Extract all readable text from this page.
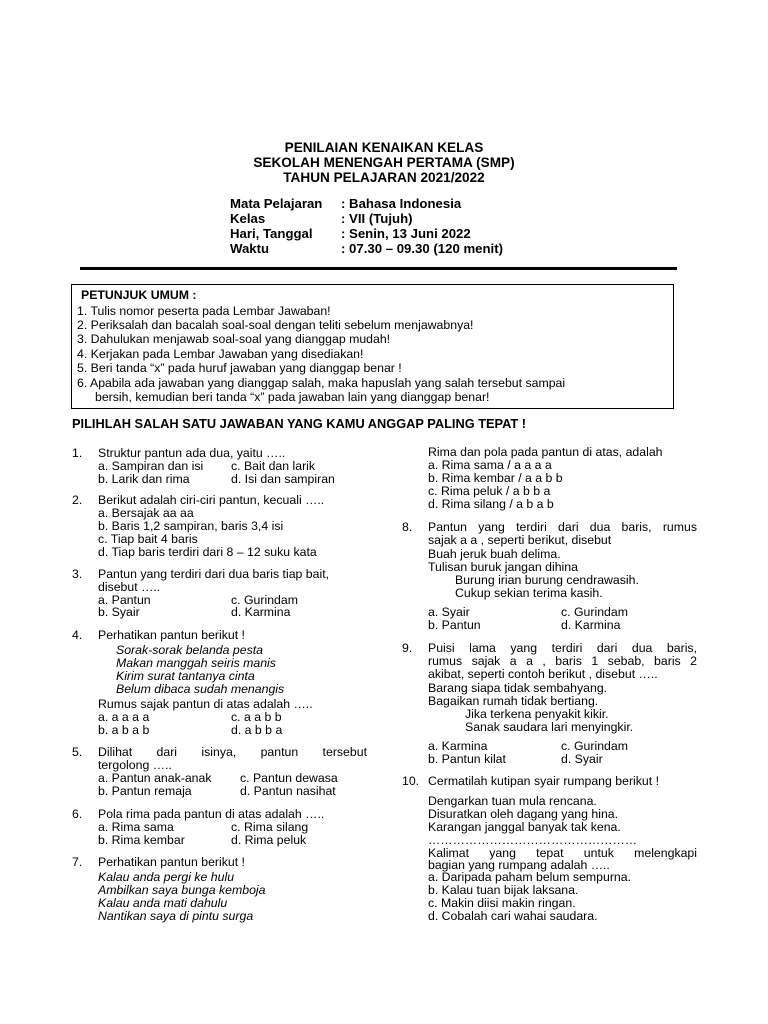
PENILAIAN KENAIKAN KELAS
SEKOLAH MENENGAH PERTAMA (SMP)
TAHUN PELAJARAN 2021/2022
Mata Pelajaran : Bahasa Indonesia
Kelas	: VII (Tujuh)
Hari, Tanggal : Senin, 13 Juni 2022
Waktu	: 07.30 – 09.30 (120 menit)
PETUNJUK UMUM :
1. Tulis nomor peserta pada Lembar Jawaban!
2. Periksalah dan bacalah soal-soal dengan teliti sebelum menjawabnya!
3. Dahulukan menjawab soal-soal yang dianggap mudah!
4. Kerjakan pada Lembar Jawaban yang disediakan!
5. Beri tanda “x” pada huruf jawaban yang dianggap benar !
6. Apabila ada jawaban yang dianggap salah, maka hapuslah yang salah tersebut sampai
bersih, kemudian beri tanda “x” pada jawaban lain yang dianggap benar!
PILIHLAH SALAH SATU JAWABAN YANG KAMU ANGGAP PALING TEPAT !
1. Struktur pantun ada dua, yaitu …..
a. Sampiran dan isi c. Bait dan larik
b. Larik dan rima	d. Isi dan sampiran
2. Berikut adalah ciri-ciri pantun, kecuali …..
a. Bersajak aa aa
b. Baris 1,2 sampiran, baris 3,4 isi
c. Tiap bait 4 baris
d. Tiap baris terdiri dari 8 – 12 suku kata
3. Pantun yang terdiri dari dua baris tiap bait,
disebut …..
a. Pantun	c. Gurindam
b. Syair	d. Karmina
4. Perhatikan pantun berikut !
Sorak-sorak belanda pesta
Makan manggah seiris manis
Kirim surat tantanya cinta
Belum dibaca sudah menangis
Rumus sajak pantun di atas adalah …..
a. a a a a	c. a a b b
b. a b a b	d. a b b a
5. Dilihat dari isinya, pantun tersebut
tergolong …..
a. Pantun anak-anak c. Pantun dewasa
b. Pantun remaja	d. Pantun nasihat
6. Pola rima pada pantun di atas adalah …..
a. Rima sama	c. Rima silang
b. Rima kembar	d. Rima peluk
7. Perhatikan pantun berikut !
Kalau anda pergi ke hulu
Ambilkan saya bunga kemboja
Kalau anda mati dahulu
Nantikan saya di pintu surga
Rima dan pola pada pantun di atas, adalah
a. Rima sama / a a a a
b. Rima kembar / a a b b
c. Rima peluk / a b b a
d. Rima silang / a b a b
8. Pantun yang terdiri dari dua baris, rumus
sajak a a , seperti berikut, disebut
Buah jeruk buah delima.
Tulisan buruk jangan dihina
Burung irian burung cendrawasih.
Cukup sekian terima kasih.
a. Syair	c. Gurindam
b. Pantun	d. Karmina
9. Puisi lama yang terdiri dari dua baris,
rumus sajak a a , baris 1 sebab, baris 2
akibat, seperti contoh berikut , disebut …..
Barang siapa tidak sembahyang.
Bagaikan rumah tidak bertiang.
Jika terkena penyakit kikir.
Sanak saudara lari menyingkir.
a. Karmina	c. Gurindam
b. Pantun kilat	d. Syair
10. Cermatilah kutipan syair rumpang berikut !
Dengarkan tuan mula rencana.
Disuratkan oleh dagang yang hina.
Karangan janggal banyak tak kena.
……………………………………………
Kalimat yang tepat untuk melengkapi
bagian yang rumpang adalah …..
a. Daripada paham belum sempurna.
b. Kalau tuan bijak laksana.
c. Makin diisi makin ringan.
d. Cobalah cari wahai saudara.
